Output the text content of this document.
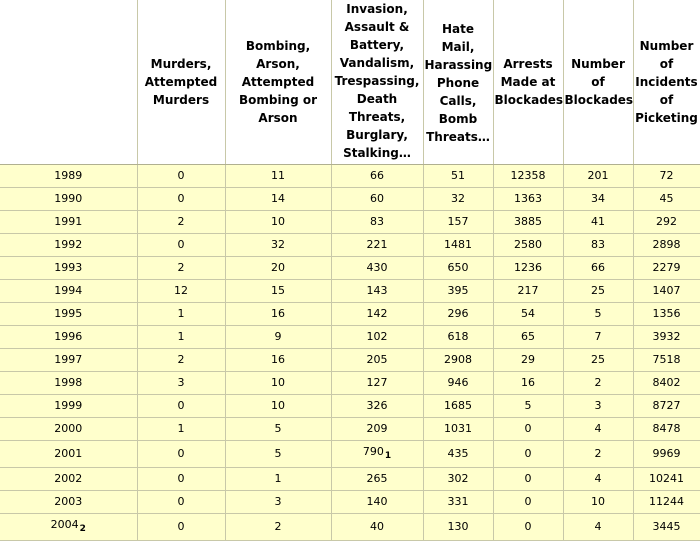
	Murders, Attempted Murders	Bombing, Arson, Attempted Bombing or Arson	Invasion, Assault & Battery, Vandalism, Trespassing, Death Threats, Burglary, Stalking…	Hate Mail, Harassing Phone Calls, Bomb Threats…	Arrests Made at Blockades	Number of Blockades	Number of Incidents of Picketing

1989	0	11	66	51	12358	201	72
1990	0	14	60	32	1363	34	45
1991	2	10	83	157	3885	41	292
1992	0	32	221	1481	2580	83	2898
1993	2	20	430	650	1236	66	2279
1994	12	15	143	395	217	25	1407
1995	1	16	142	296	54	5	1356
1996	1	9	102	618	65	7	3932
1997	2	16	205	2908	29	25	7518
1998	3	10	127	946	16	2	8402
1999	0	10	326	1685	5	3	8727
2000	1	5	209	1031	0	4	8478
2001	0	5	$790_1$	435	0	2	9969
2002	0	1	265	302	0	4	10241
2003	0	3	140	331	0	10	11244
$2004_2$	0	2	40	130	0	4	3445
